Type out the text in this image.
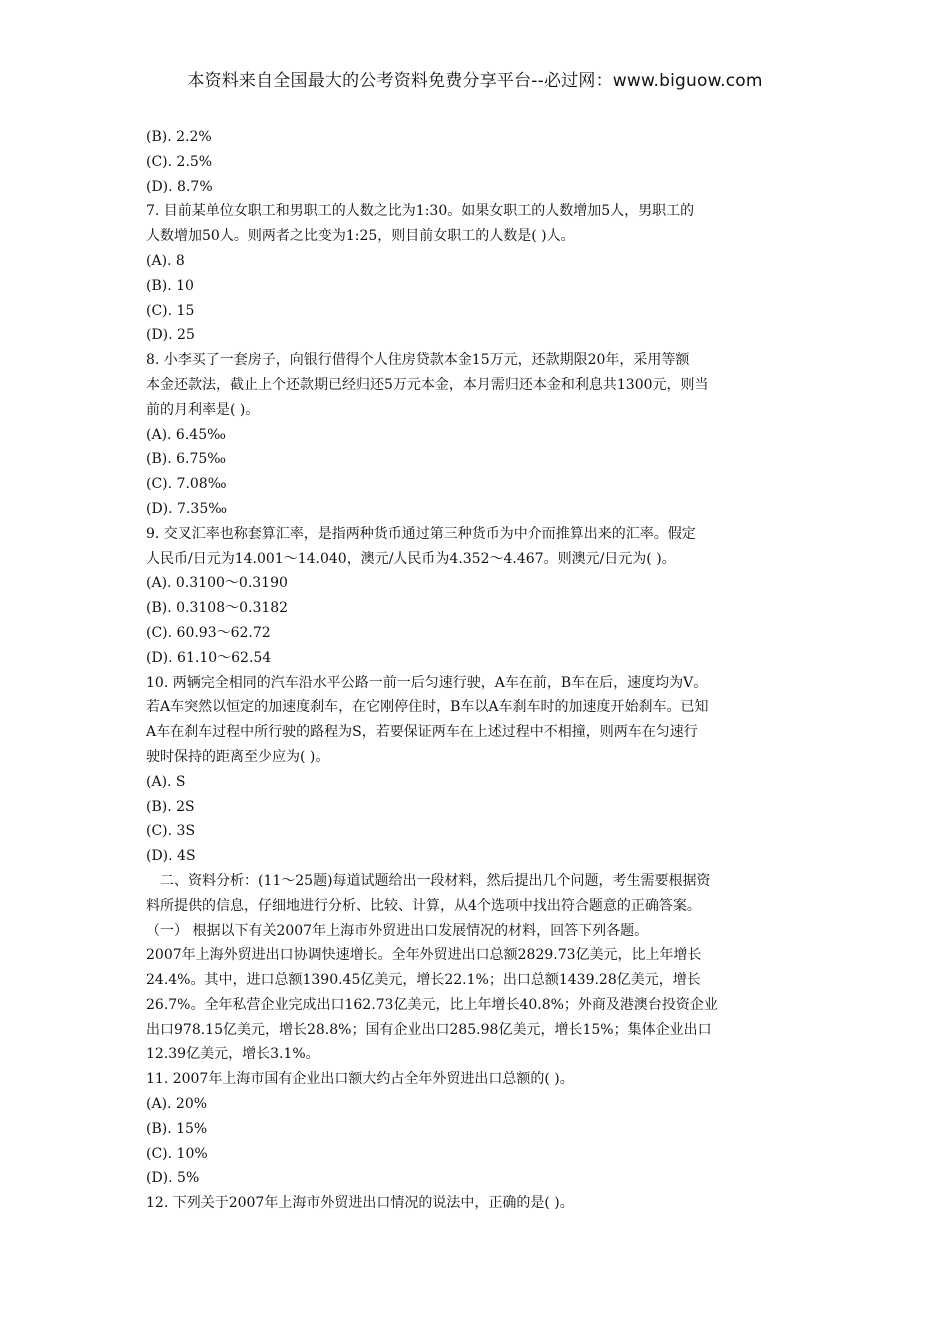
本资料来自全国最大的公考资料免费分享平台--必过网：www.biguow.com
(B). 2.2%
(C). 2.5%
(D). 8.7%
7. 目前某单位女职工和男职工的人数之比为1:30。如果女职工的人数增加5人，男职工的
人数增加50人。则两者之比变为1:25，则目前女职工的人数是( )人。
(A). 8
(B). 10
(C). 15
(D). 25
8. 小李买了一套房子，向银行借得个人住房贷款本金15万元，还款期限20年，采用等额
本金还款法，截止上个还款期已经归还5万元本金，本月需归还本金和利息共1300元，则当
前的月利率是( )。
(A). 6.45‰
(B). 6.75‰
(C). 7.08‰
(D). 7.35‰
9. 交叉汇率也称套算汇率，是指两种货币通过第三种货币为中介而推算出来的汇率。假定
人民币/日元为14.001～14.040，澳元/人民币为4.352～4.467。则澳元/日元为( )。
(A). 0.3100～0.3190
(B). 0.3108～0.3182
(C). 60.93～62.72
(D). 61.10～62.54
10. 两辆完全相同的汽车沿水平公路一前一后匀速行驶，A车在前，B车在后，速度均为V。
若A车突然以恒定的加速度刹车，在它刚停住时，B车以A车刹车时的加速度开始刹车。已知
A车在刹车过程中所行驶的路程为S，若要保证两车在上述过程中不相撞，则两车在匀速行
驶时保持的距离至少应为( )。
(A). S
(B). 2S
(C). 3S
(D). 4S
二、资料分析：(11～25题)每道试题给出一段材料，然后提出几个问题，考生需要根据资
料所提供的信息，仔细地进行分析、比较、计算，从4个选项中找出符合题意的正确答案。
（一） 根据以下有关2007年上海市外贸进出口发展情况的材料，回答下列各题。
2007年上海外贸进出口协调快速增长。全年外贸进出口总额2829.73亿美元，比上年增长
24.4%。其中，进口总额1390.45亿美元，增长22.1%；出口总额1439.28亿美元，增长
26.7%。全年私营企业完成出口162.73亿美元，比上年增长40.8%；外商及港澳台投资企业
出口978.15亿美元，增长28.8%；国有企业出口285.98亿美元，增长15%；集体企业出口
12.39亿美元，增长3.1%。
11. 2007年上海市国有企业出口额大约占全年外贸进出口总额的( )。
(A). 20%
(B). 15%
(C). 10%
(D). 5%
12. 下列关于2007年上海市外贸进出口情况的说法中，正确的是( )。
